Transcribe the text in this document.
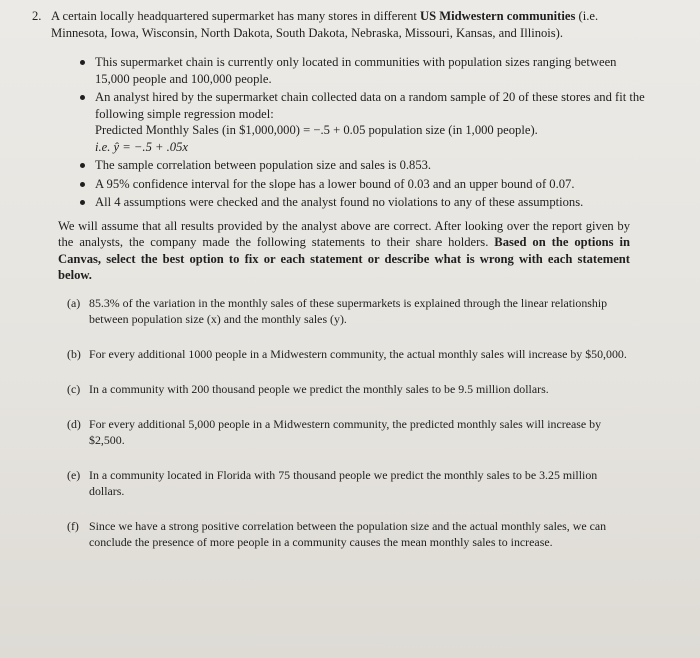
2. A certain locally headquartered supermarket has many stores in different US Midwestern communities (i.e. Minnesota, Iowa, Wisconsin, North Dakota, South Dakota, Nebraska, Missouri, Kansas, and Illinois).
This supermarket chain is currently only located in communities with population sizes ranging between 15,000 people and 100,000 people.
An analyst hired by the supermarket chain collected data on a random sample of 20 of these stores and fit the following simple regression model:
Predicted Monthly Sales (in $1,000,000) = −.5 + 0.05 population size (in 1,000 people).
i.e. ŷ = −.5 + .05x
The sample correlation between population size and sales is 0.853.
A 95% confidence interval for the slope has a lower bound of 0.03 and an upper bound of 0.07.
All 4 assumptions were checked and the analyst found no violations to any of these assumptions.
We will assume that all results provided by the analyst above are correct. After looking over the report given by the analysts, the company made the following statements to their share holders. Based on the options in Canvas, select the best option to fix or each statement or describe what is wrong with each statement below.
(a) 85.3% of the variation in the monthly sales of these supermarkets is explained through the linear relationship between population size (x) and the monthly sales (y).
(b) For every additional 1000 people in a Midwestern community, the actual monthly sales will increase by $50,000.
(c) In a community with 200 thousand people we predict the monthly sales to be 9.5 million dollars.
(d) For every additional 5,000 people in a Midwestern community, the predicted monthly sales will increase by $2,500.
(e) In a community located in Florida with 75 thousand people we predict the monthly sales to be 3.25 million dollars.
(f) Since we have a strong positive correlation between the population size and the actual monthly sales, we can conclude the presence of more people in a community causes the mean monthly sales to increase.
